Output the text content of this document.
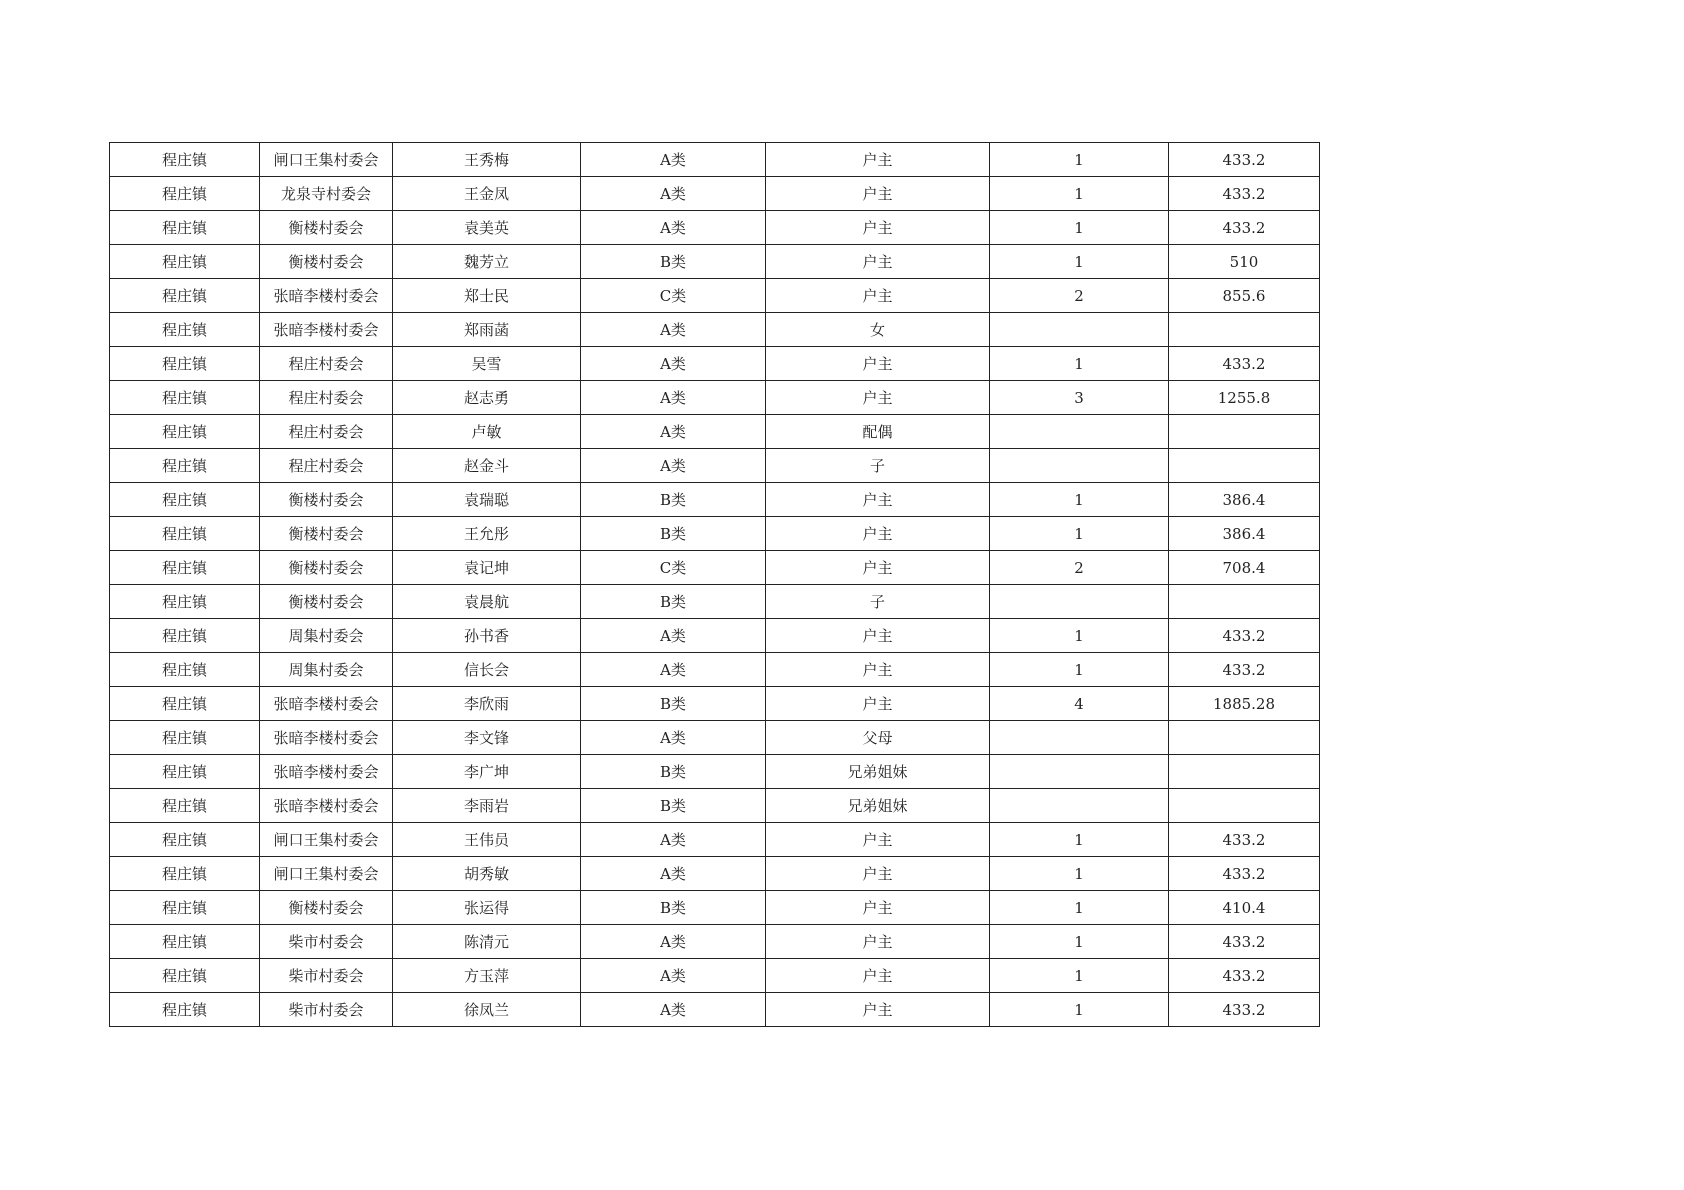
程庄镇	闸口王集村委会	王秀梅	A类	户主	1	433.2
程庄镇	龙泉寺村委会	王金凤	A类	户主	1	433.2
程庄镇	衡楼村委会	袁美英	A类	户主	1	433.2
程庄镇	衡楼村委会	魏芳立	B类	户主	1	510
程庄镇	张暗李楼村委会	郑士民	C类	户主	2	855.6
程庄镇	张暗李楼村委会	郑雨菡	A类	女		
程庄镇	程庄村委会	吴雪	A类	户主	1	433.2
程庄镇	程庄村委会	赵志勇	A类	户主	3	1255.8
程庄镇	程庄村委会	卢敏	A类	配偶		
程庄镇	程庄村委会	赵金斗	A类	子		
程庄镇	衡楼村委会	袁瑞聪	B类	户主	1	386.4
程庄镇	衡楼村委会	王允彤	B类	户主	1	386.4
程庄镇	衡楼村委会	袁记坤	C类	户主	2	708.4
程庄镇	衡楼村委会	袁晨航	B类	子		
程庄镇	周集村委会	孙书香	A类	户主	1	433.2
程庄镇	周集村委会	信长会	A类	户主	1	433.2
程庄镇	张暗李楼村委会	李欣雨	B类	户主	4	1885.28
程庄镇	张暗李楼村委会	李文锋	A类	父母		
程庄镇	张暗李楼村委会	李广坤	B类	兄弟姐妹		
程庄镇	张暗李楼村委会	李雨岩	B类	兄弟姐妹		
程庄镇	闸口王集村委会	王伟员	A类	户主	1	433.2
程庄镇	闸口王集村委会	胡秀敏	A类	户主	1	433.2
程庄镇	衡楼村委会	张运得	B类	户主	1	410.4
程庄镇	柴市村委会	陈清元	A类	户主	1	433.2
程庄镇	柴市村委会	方玉萍	A类	户主	1	433.2
程庄镇	柴市村委会	徐凤兰	A类	户主	1	433.2
